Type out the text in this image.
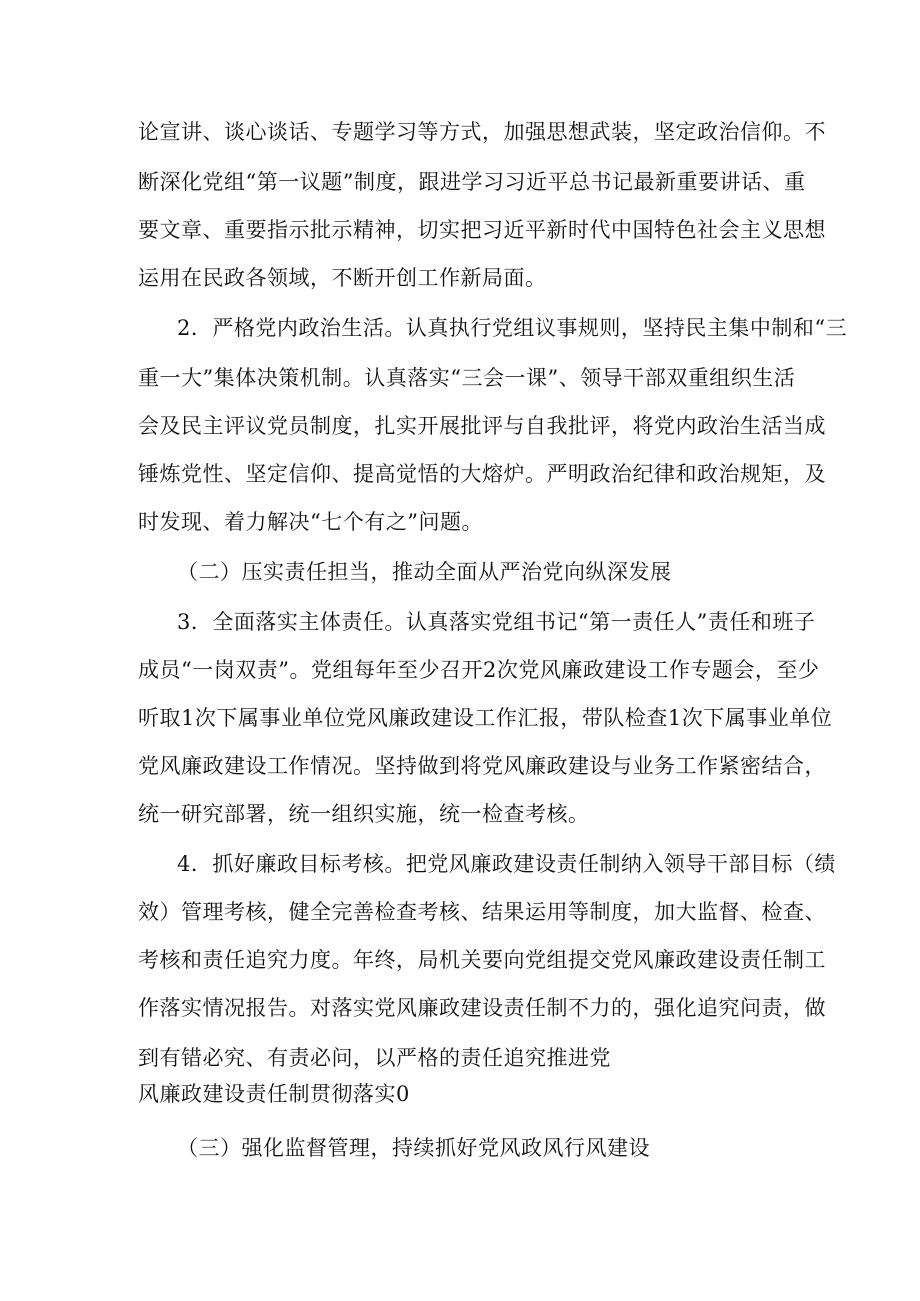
论宣讲、谈心谈话、专题学习等方式，加强思想武装，坚定政治信仰。不
断深化党组“第一议题”制度，跟进学习习近平总书记最新重要讲话、重
要文章、重要指示批示精神，切实把习近平新时代中国特色社会主义思想
运用在民政各领域，不断开创工作新局面。
2．严格党内政治生活。认真执行党组议事规则，坚持民主集中制和“三
重一大”集体决策机制。认真落实“三会一课”、领导干部双重组织生活
会及民主评议党员制度，扎实开展批评与自我批评，将党内政治生活当成
锤炼党性、坚定信仰、提高觉悟的大熔炉。严明政治纪律和政治规矩，及
时发现、着力解决“七个有之”问题。
（二）压实责任担当，推动全面从严治党向纵深发展
3．全面落实主体责任。认真落实党组书记“第一责任人”责任和班子
成员“一岗双责”。党组每年至少召开2次党风廉政建设工作专题会，至少
听取1次下属事业单位党风廉政建设工作汇报，带队检查1次下属事业单位
党风廉政建设工作情况。坚持做到将党风廉政建设与业务工作紧密结合，
统一研究部署，统一组织实施，统一检查考核。
4．抓好廉政目标考核。把党风廉政建设责任制纳入领导干部目标（绩
效）管理考核，健全完善检查考核、结果运用等制度，加大监督、检查、
考核和责任追究力度。年终，局机关要向党组提交党风廉政建设责任制工
作落实情况报告。对落实党风廉政建设责任制不力的，强化追究问责，做
到有错必究、有责必问，以严格的责任追究推进党
风廉政建设责任制贯彻落实0
（三）强化监督管理，持续抓好党风政风行风建设
